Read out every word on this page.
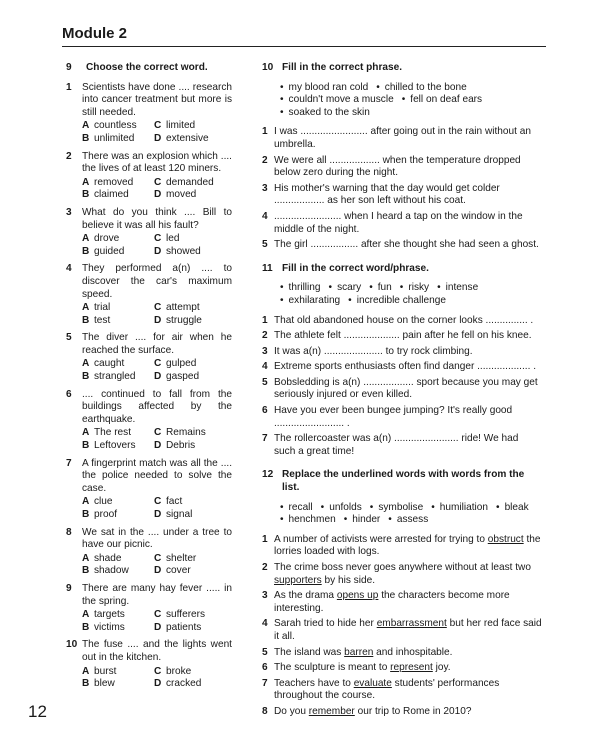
Module 2
9	Choose the correct word.
1	Scientists have done .... research into cancer treatment but more is still needed.
A countless	C limited
B unlimited	D extensive
2	There was an explosion which .... the lives of at least 120 miners.
A removed	C demanded
B claimed	D moved
3	What do you think .... Bill to believe it was all his fault?
A drove	C led
B guided	D showed
4	They performed a(n) .... to discover the car's maximum speed.
A trial	C attempt
B test	D struggle
5	The diver .... for air when he reached the surface.
A caught	C gulped
B strangled	D gasped
6	.... continued to fall from the buildings affected by the earthquake.
A The rest	C Remains
B Leftovers	D Debris
7	A fingerprint match was all the .... the police needed to solve the case.
A clue	C fact
B proof	D signal
8	We sat in the .... under a tree to have our picnic.
A shade	C shelter
B shadow	D cover
9	There are many hay fever ..... in the spring.
A targets	C sufferers
B victims	D patients
10 The fuse .... and the lights went out in the kitchen.
A burst	C broke
B blew	D cracked
10 Fill in the correct phrase.
• my blood ran cold	• chilled to the bone
• couldn't move a muscle	• fell on deaf ears
• soaked to the skin
1 I was ........................ after going out in the rain without an umbrella.
2 We were all .................. when the temperature dropped below zero during the night.
3 His mother's warning that the day would get colder .................. as her son left without his coat.
4 ........................ when I heard a tap on the window in the middle of the night.
5 The girl ................. after she thought she had seen a ghost.
11 Fill in the correct word/phrase.
• thrilling	• scary	• fun	• risky	• intense
• exhilarating	• incredible challenge
1 That old abandoned house on the corner looks ............... .
2 The athlete felt .................... pain after he fell on his knee.
3 It was a(n) ..................... to try rock climbing.
4 Extreme sports enthusiasts often find danger ................... .
5 Bobsledding is a(n) .................. sport because you may get seriously injured or even killed.
6 Have you ever been bungee jumping? It's really good ......................... .
7 The rollercoaster was a(n) ....................... ride! We had such a great time!
12 Replace the underlined words with words from the list.
• recall	• unfolds	• symbolise	• humiliation	• bleak
• henchmen	• hinder	• assess
1 A number of activists were arrested for trying to obstruct the lorries loaded with logs.
2 The crime boss never goes anywhere without at least two supporters by his side.
3 As the drama opens up the characters become more interesting.
4 Sarah tried to hide her embarrassment but her red face said it all.
5 The island was barren and inhospitable.
6 The sculpture is meant to represent joy.
7 Teachers have to evaluate students' performances throughout the course.
8 Do you remember our trip to Rome in 2010?
12
